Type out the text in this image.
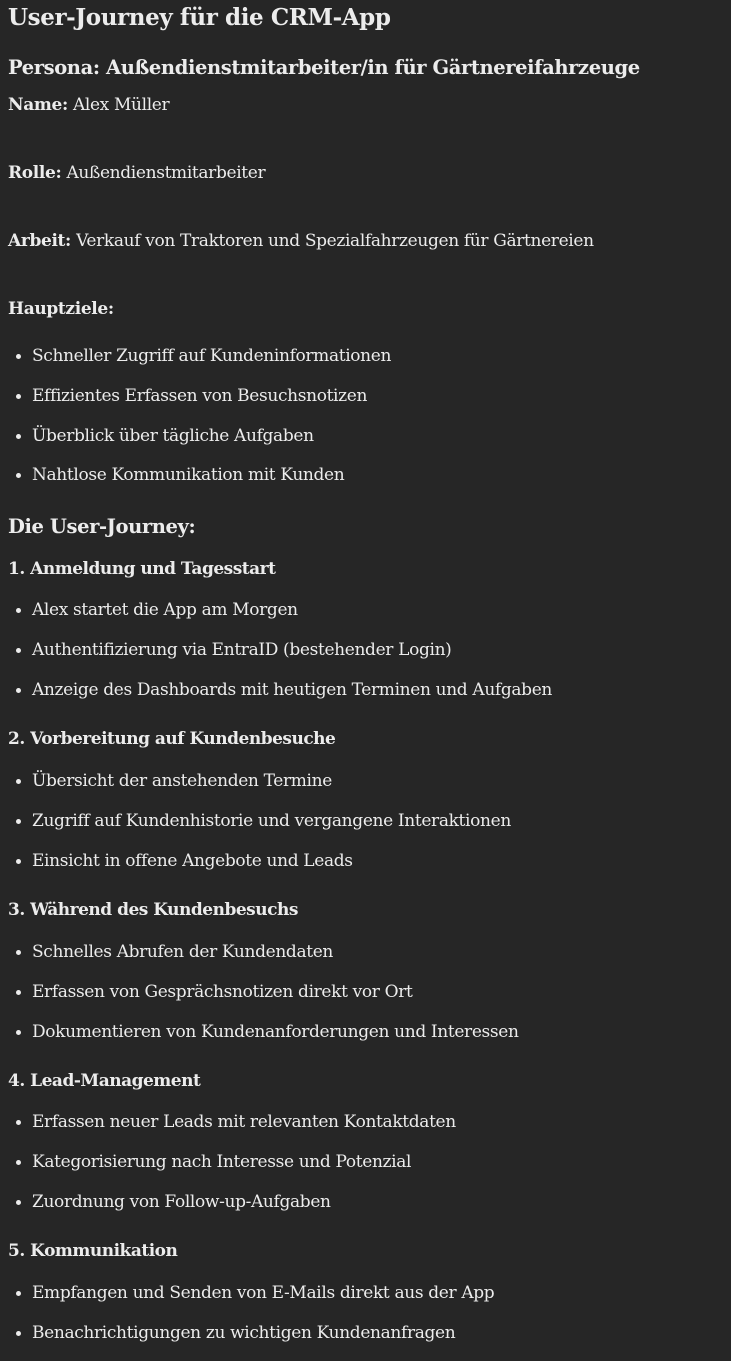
User-Journey für die CRM-App
Persona: Außendienstmitarbeiter/in für Gärtnereifahrzeuge

Name: Alex Müller

Rolle: Außendienstmitarbeiter

Arbeit: Verkauf von Traktoren und Spezialfahrzeugen für Gärtnereien

Hauptziele:

Schneller Zugriff auf Kundeninformationen
Effizientes Erfassen von Besuchsnotizen
Überblick über tägliche Aufgaben
Nahtlose Kommunikation mit Kunden
Die User-Journey:
1. Anmeldung und Tagesstart
Alex startet die App am Morgen
Authentifizierung via EntraID (bestehender Login)
Anzeige des Dashboards mit heutigen Terminen und Aufgaben
2. Vorbereitung auf Kundenbesuche
Übersicht der anstehenden Termine
Zugriff auf Kundenhistorie und vergangene Interaktionen
Einsicht in offene Angebote und Leads
3. Während des Kundenbesuchs
Schnelles Abrufen der Kundendaten
Erfassen von Gesprächsnotizen direkt vor Ort
Dokumentieren von Kundenanforderungen und Interessen
4. Lead-Management
Erfassen neuer Leads mit relevanten Kontaktdaten
Kategorisierung nach Interesse und Potenzial
Zuordnung von Follow-up-Aufgaben
5. Kommunikation
Empfangen und Senden von E-Mails direkt aus der App
Benachrichtigungen zu wichtigen Kundenanfragen
